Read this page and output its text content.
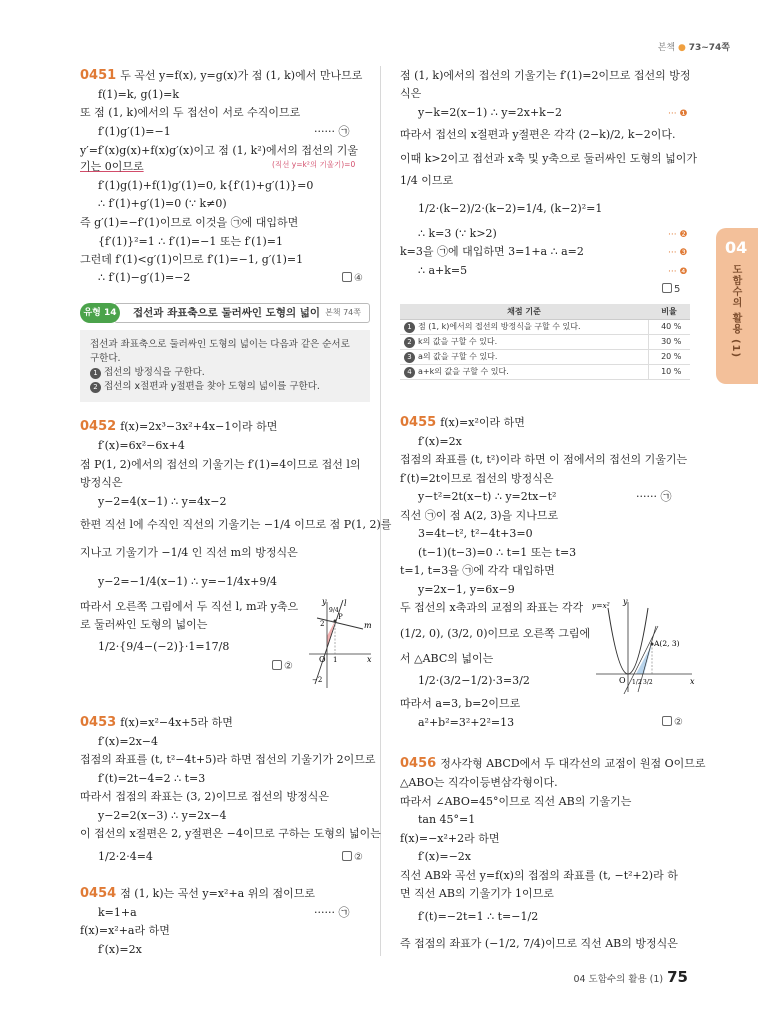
본책 ● 73~74쪽
04
도함수의 활용 (1)
0451 두 곡선 y=f(x), y=g(x)가 점 (1, k)에서 만나므로
f(1)=k, g(1)=k
또 점 (1, k)에서의 두 접선이 서로 수직이므로
f′(1)g′(1)=−1	······ ㉠
y′=f′(x)g(x)+f(x)g′(x)이고 점 (1, k²)에서의 접선의 기울
기는 0이므로	(직선 y=k²의 기울기)=0
f′(1)g(1)+f(1)g′(1)=0, k{f′(1)+g′(1)}=0
∴ f′(1)+g′(1)=0 (∵ k≠0)
즉 g′(1)=−f′(1)이므로 이것을 ㉠에 대입하면
{f′(1)}²=1 ∴ f′(1)=−1 또는 f′(1)=1
그런데 f′(1)<g′(1)이므로 f′(1)=−1, g′(1)=1
∴ f′(1)−g′(1)=−2	④
접선과 좌표축으로 둘러싸인 도형의 넓이 본책 74쪽
유형 14
접선과 좌표축으로 둘러싸인 도형의 넓이는 다음과 같은 순서로
구한다.
1 접선의 방정식을 구한다.
2 접선의 x절편과 y절편을 찾아 도형의 넓이를 구한다.
0452 f(x)=2x³−3x²+4x−1이라 하면
f′(x)=6x²−6x+4
점 P(1, 2)에서의 접선의 기울기는 f′(1)=4이므로 접선 l의
방정식은
y−2=4(x−1) ∴ y=4x−2
한편 직선 l에 수직인 직선의 기울기는 −1/4 이므로 점 P(1, 2)를
지나고 기울기가 −1/4 인 직선 m의 방정식은
y−2=−1/4(x−1) ∴ y=−1/4x+9/4
따라서 오른쪽 그림에서 두 직선 l, m과 y축으
로 둘러싸인 도형의 넓이는
1/2·{9/4−(−2)}·1=17/8
②
y
x
O 1
2
−2
9/4
P
l
m
0453 f(x)=x²−4x+5라 하면
f′(x)=2x−4
접점의 좌표를 (t, t²−4t+5)라 하면 접선의 기울기가 2이므로
f′(t)=2t−4=2 ∴ t=3
따라서 접점의 좌표는 (3, 2)이므로 접선의 방정식은
y−2=2(x−3) ∴ y=2x−4
이 접선의 x절편은 2, y절편은 −4이므로 구하는 도형의 넓이는
1/2·2·4=4	②
0454 점 (1, k)는 곡선 y=x²+a 위의 점이므로
k=1+a	······ ㉠
f(x)=x²+a라 하면
f′(x)=2x
점 (1, k)에서의 접선의 기울기는 f′(1)=2이므로 접선의 방정
식은
y−k=2(x−1) ∴ y=2x+k−2	··· ❶
따라서 접선의 x절편과 y절편은 각각 (2−k)/2, k−2이다.
이때 k>2이고 접선과 x축 및 y축으로 둘러싸인 도형의 넓이가
1/4 이므로
1/2·(k−2)/2·(k−2)=1/4, (k−2)²=1
∴ k=3 (∵ k>2)	··· ❷
k=3을 ㉠에 대입하면 3=1+a ∴ a=2	··· ❸
∴ a+k=5	··· ❹
5
채점 기준	비율
1 점 (1, k)에서의 접선의 방정식을 구할 수 있다.	40 %
2 k의 값을 구할 수 있다.	30 %
3 a의 값을 구할 수 있다.	20 %
4 a+k의 값을 구할 수 있다.	10 %
0455 f(x)=x²이라 하면
f′(x)=2x
접점의 좌표를 (t, t²)이라 하면 이 점에서의 접선의 기울기는
f′(t)=2t이므로 접선의 방정식은
y−t²=2t(x−t) ∴ y=2tx−t²	······ ㉠
직선 ㉠이 점 A(2, 3)을 지나므로
3=4t−t², t²−4t+3=0
(t−1)(t−3)=0 ∴ t=1 또는 t=3
t=1, t=3을 ㉠에 각각 대입하면
y=2x−1, y=6x−9
두 접선의 x축과의 교점의 좌표는 각각
(1/2, 0), (3/2, 0)이므로 오른쪽 그림에
서 △ABC의 넓이는
1/2·(3/2−1/2)·3=3/2
따라서 a=3, b=2이므로
a²+b²=3²+2²=13	②
y=x² y
x
O
A(2, 3)
1/2 3/2
0456 정사각형 ABCD에서 두 대각선의 교점이 원점 O이므로
△ABO는 직각이등변삼각형이다.
따라서 ∠ABO=45°이므로 직선 AB의 기울기는
tan 45°=1
f(x)=−x²+2라 하면
f′(x)=−2x
직선 AB와 곡선 y=f(x)의 접점의 좌표를 (t, −t²+2)라 하
면 직선 AB의 기울기가 1이므로
f′(t)=−2t=1 ∴ t=−1/2
즉 접점의 좌표가 (−1/2, 7/4)이므로 직선 AB의 방정식은
04 도함수의 활용 (1) 75
